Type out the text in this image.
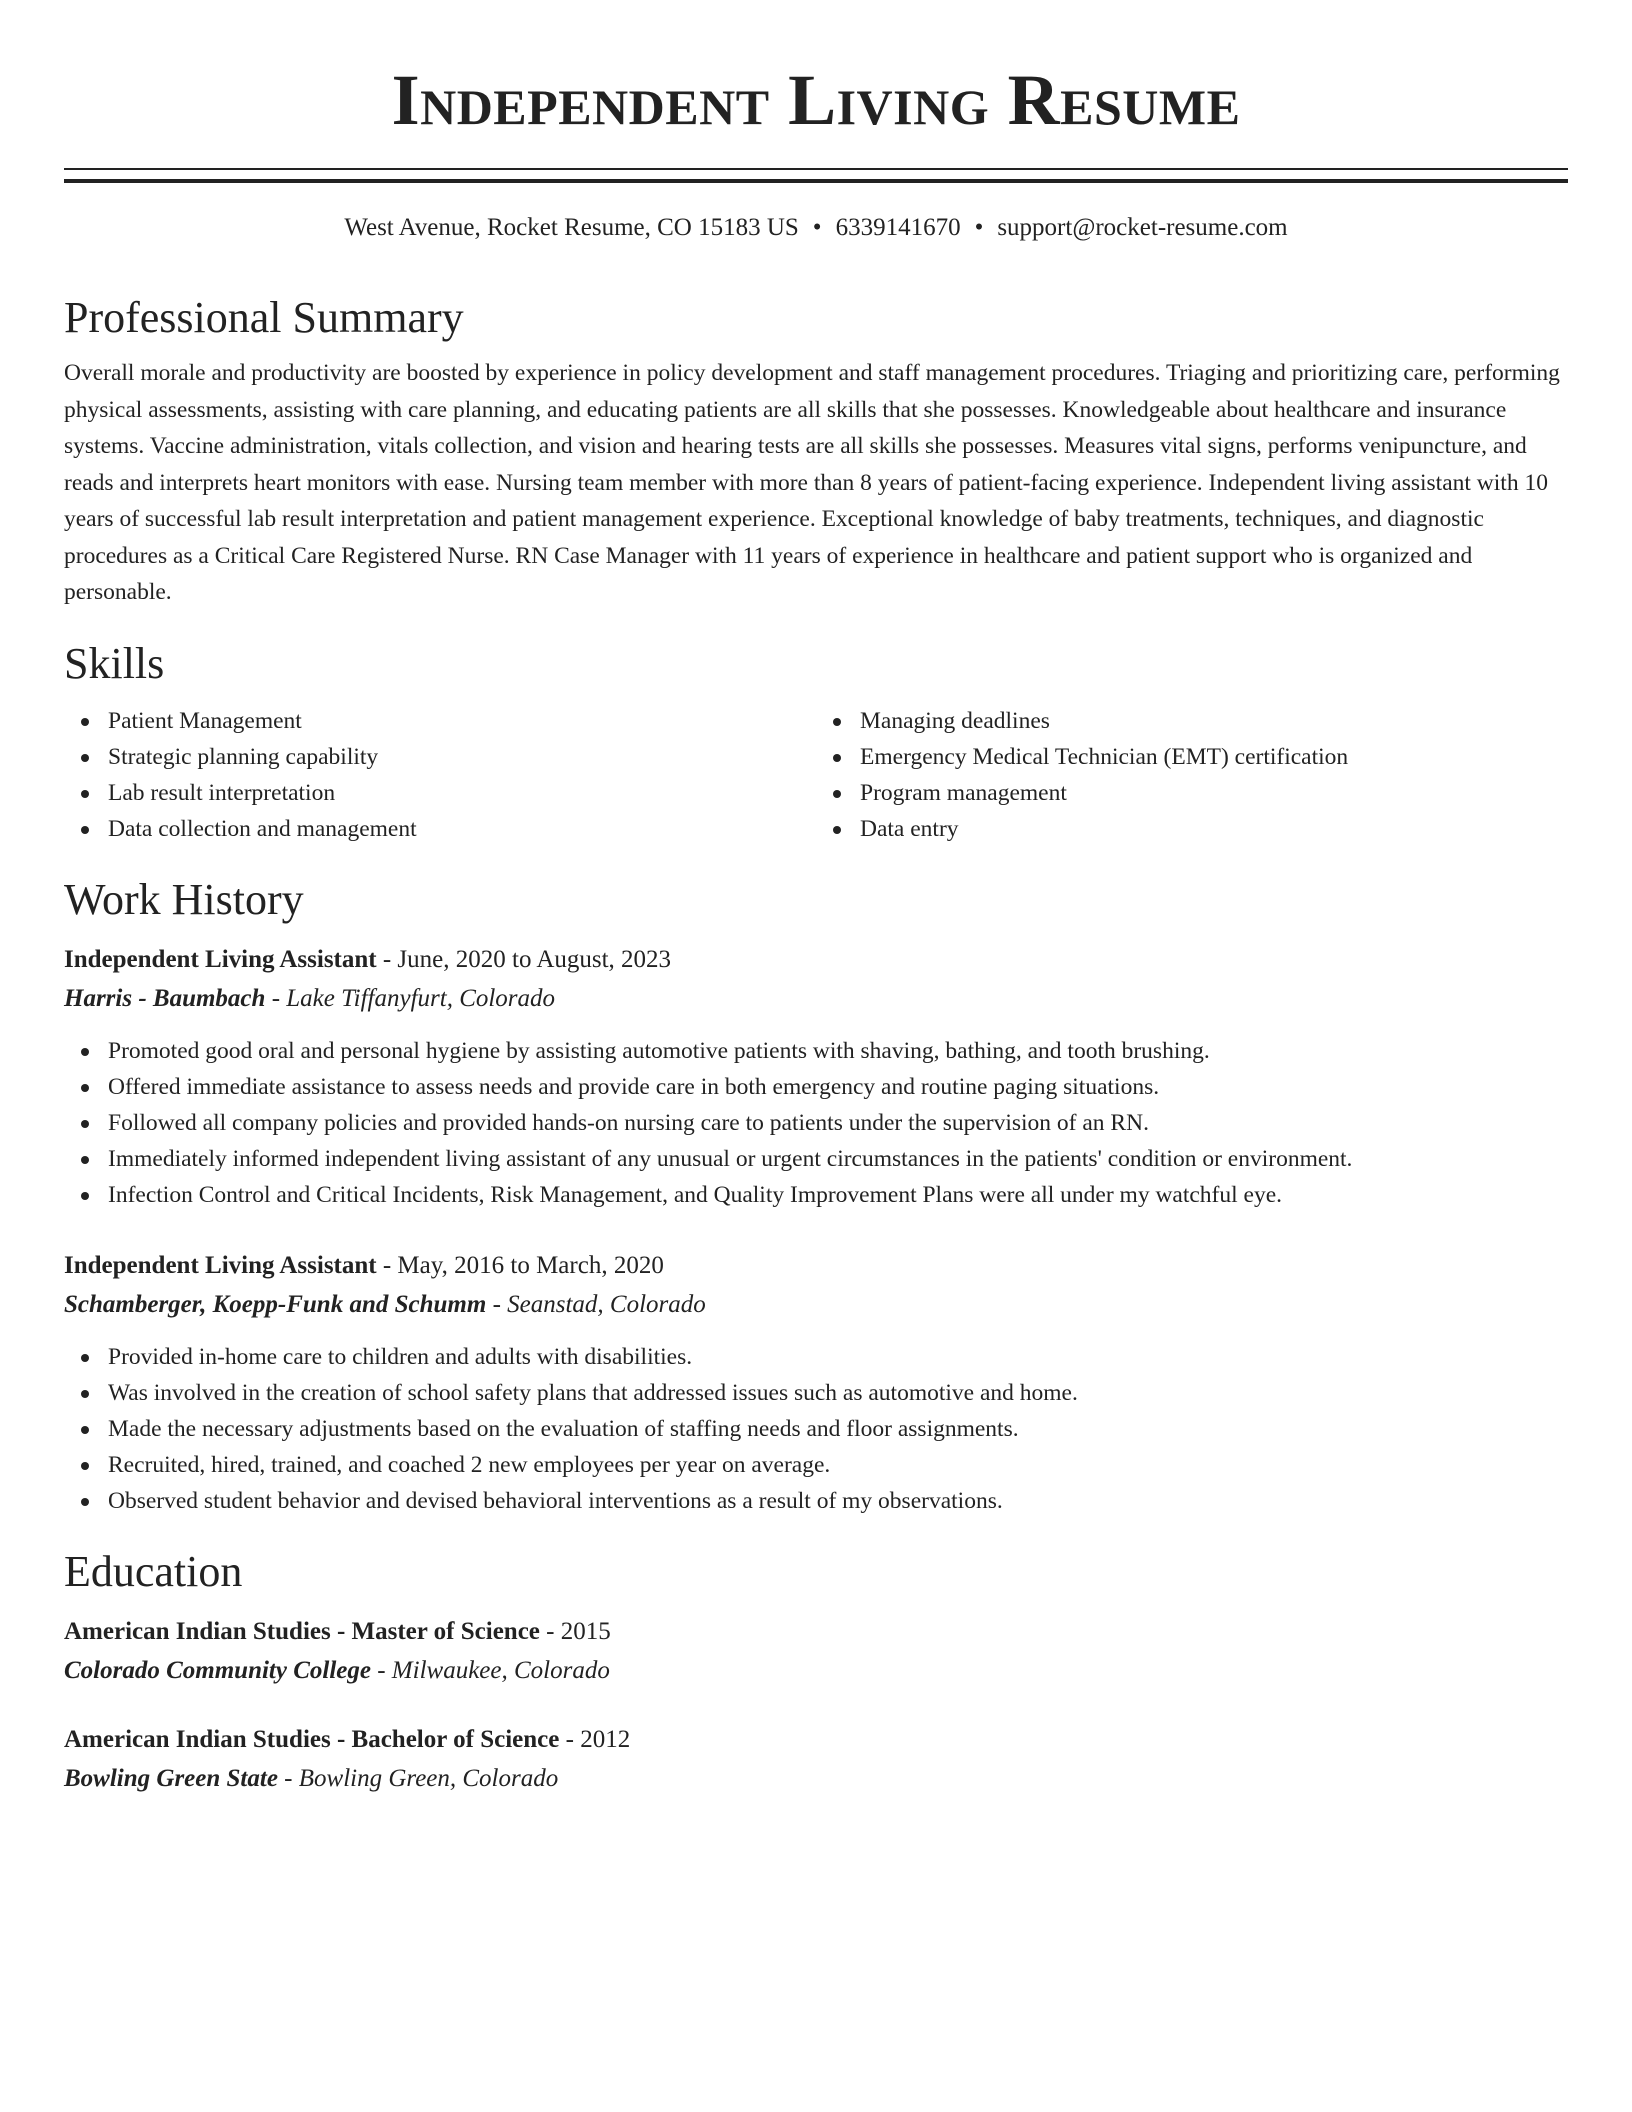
Independent Living Resume
West Avenue, Rocket Resume, CO 15183 US • 6339141670 • support@rocket-resume.com
Professional Summary

Overall morale and productivity are boosted by experience in policy development and staff management procedures. Triaging and prioritizing care, performing physical assessments, assisting with care planning, and educating patients are all skills that she possesses. Knowledgeable about healthcare and insurance systems. Vaccine administration, vitals collection, and vision and hearing tests are all skills she possesses. Measures vital signs, performs venipuncture, and reads and interprets heart monitors with ease. Nursing team member with more than 8 years of patient-facing experience. Independent living assistant with 10 years of successful lab result interpretation and patient management experience. Exceptional knowledge of baby treatments, techniques, and diagnostic procedures as a Critical Care Registered Nurse. RN Case Manager with 11 years of experience in healthcare and patient support who is organized and personable.

Skills
Patient Management
Strategic planning capability
Lab result interpretation
Data collection and management
Managing deadlines
Emergency Medical Technician (EMT) certification
Program management
Data entry
Work History
Independent Living Assistant - June, 2020 to August, 2023
Harris - Baumbach - Lake Tiffanyfurt, Colorado
Promoted good oral and personal hygiene by assisting automotive patients with shaving, bathing, and tooth brushing.
Offered immediate assistance to assess needs and provide care in both emergency and routine paging situations.
Followed all company policies and provided hands-on nursing care to patients under the supervision of an RN.
Immediately informed independent living assistant of any unusual or urgent circumstances in the patients' condition or environment.
Infection Control and Critical Incidents, Risk Management, and Quality Improvement Plans were all under my watchful eye.
Independent Living Assistant - May, 2016 to March, 2020
Schamberger, Koepp-Funk and Schumm - Seanstad, Colorado
Provided in-home care to children and adults with disabilities.
Was involved in the creation of school safety plans that addressed issues such as automotive and home.
Made the necessary adjustments based on the evaluation of staffing needs and floor assignments.
Recruited, hired, trained, and coached 2 new employees per year on average.
Observed student behavior and devised behavioral interventions as a result of my observations.
Education
American Indian Studies - Master of Science - 2015
Colorado Community College - Milwaukee, Colorado
American Indian Studies - Bachelor of Science - 2012
Bowling Green State - Bowling Green, Colorado
